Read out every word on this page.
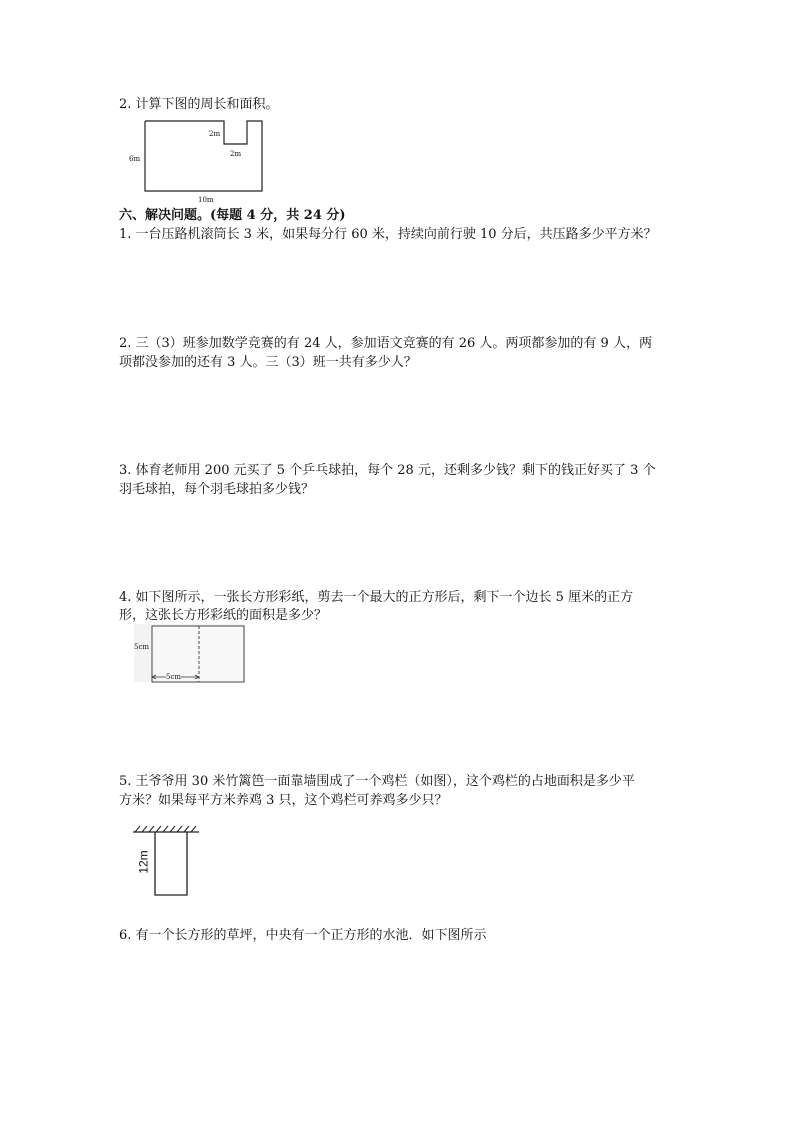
2. 计算下图的周长和面积。
2m
2m
6m
10m
六、解决问题。(每题 4 分，共 24 分)
1. 一台压路机滚筒长 3 米，如果每分行 60 米，持续向前行驶 10 分后，共压路多少平方米？
2. 三（3）班参加数学竞赛的有 24 人，参加语文竞赛的有 26 人。两项都参加的有 9 人，两
项都没参加的还有 3 人。三（3）班一共有多少人？
3. 体育老师用 200 元买了 5 个乒乓球拍，每个 28 元，还剩多少钱？剩下的钱正好买了 3 个
羽毛球拍，每个羽毛球拍多少钱？
4. 如下图所示，一张长方形彩纸，剪去一个最大的正方形后，剩下一个边长 5 厘米的正方
形，这张长方形彩纸的面积是多少？
5cm
5cm
5. 王爷爷用 30 米竹篱笆一面靠墙围成了一个鸡栏（如图），这个鸡栏的占地面积是多少平
方米？如果每平方米养鸡 3 只，这个鸡栏可养鸡多少只？
12m
6. 有一个长方形的草坪，中央有一个正方形的水池．如下图所示
